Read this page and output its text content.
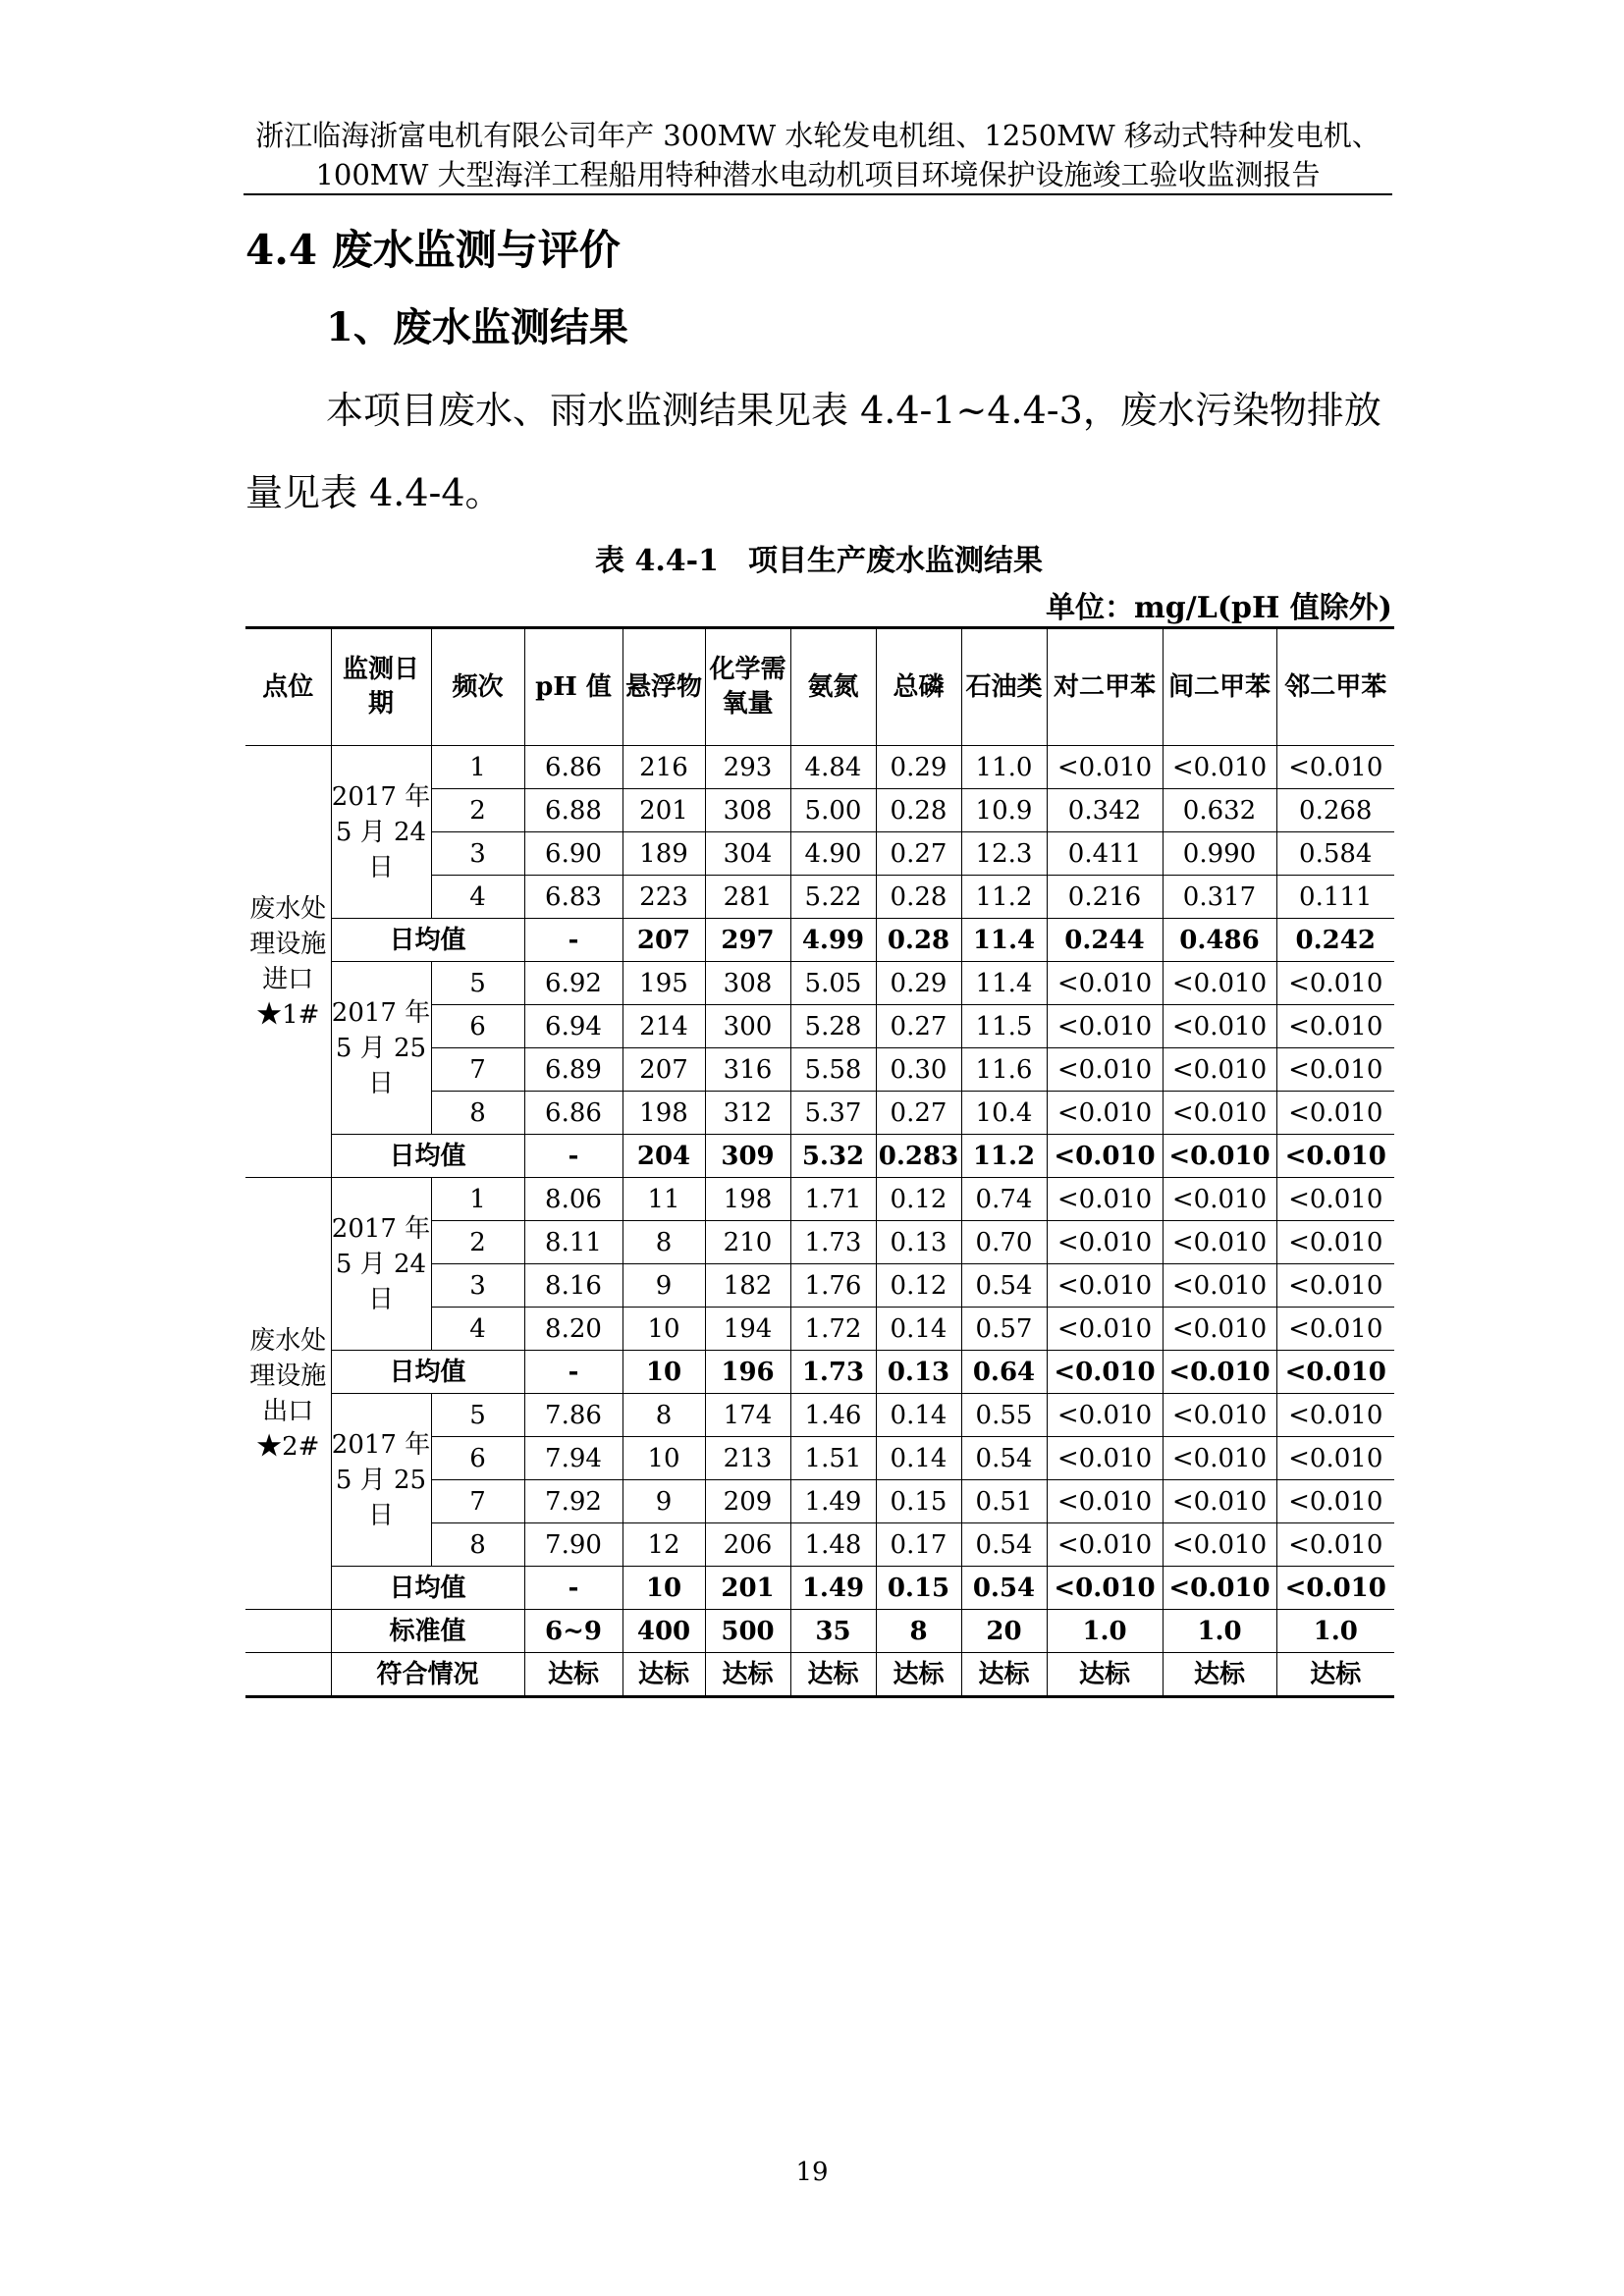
浙江临海浙富电机有限公司年产 300MW 水轮发电机组、1250MW 移动式特种发电机、
100MW 大型海洋工程船用特种潜水电动机项目环境保护设施竣工验收监测报告
4.4 废水监测与评价
1、废水监测结果
本项目废水、雨水监测结果见表 4.4-1~4.4-3，废水污染物排放量见表 4.4-4。
表 4.4-1　项目生产废水监测结果
单位：mg/L(pH 值除外)
点位	监测日期	频次	pH 值	悬浮物	化学需氧量	氨氮	总磷	石油类	对二甲苯	间二甲苯	邻二甲苯
废水处理设施进口★1#	2017 年 5 月 24 日	1	6.86	216	293	4.84	0.29	11.0	<0.010	<0.010	<0.010
		2	6.88	201	308	5.00	0.28	10.9	0.342	0.632	0.268
		3	6.90	189	304	4.90	0.27	12.3	0.411	0.990	0.584
		4	6.83	223	281	5.22	0.28	11.2	0.216	0.317	0.111
	日均值		-	207	297	4.99	0.28	11.4	0.244	0.486	0.242
	2017 年 5 月 25 日	5	6.92	195	308	5.05	0.29	11.4	<0.010	<0.010	<0.010
		6	6.94	214	300	5.28	0.27	11.5	<0.010	<0.010	<0.010
		7	6.89	207	316	5.58	0.30	11.6	<0.010	<0.010	<0.010
		8	6.86	198	312	5.37	0.27	10.4	<0.010	<0.010	<0.010
	日均值		-	204	309	5.32	0.283	11.2	<0.010	<0.010	<0.010
废水处理设施出口★2#	2017 年 5 月 24 日	1	8.06	11	198	1.71	0.12	0.74	<0.010	<0.010	<0.010
		2	8.11	8	210	1.73	0.13	0.70	<0.010	<0.010	<0.010
		3	8.16	9	182	1.76	0.12	0.54	<0.010	<0.010	<0.010
		4	8.20	10	194	1.72	0.14	0.57	<0.010	<0.010	<0.010
	日均值		-	10	196	1.73	0.13	0.64	<0.010	<0.010	<0.010
	2017 年 5 月 25 日	5	7.86	8	174	1.46	0.14	0.55	<0.010	<0.010	<0.010
		6	7.94	10	213	1.51	0.14	0.54	<0.010	<0.010	<0.010
		7	7.92	9	209	1.49	0.15	0.51	<0.010	<0.010	<0.010
		8	7.90	12	206	1.48	0.17	0.54	<0.010	<0.010	<0.010
	日均值		-	10	201	1.49	0.15	0.54	<0.010	<0.010	<0.010
	标准值		6~9	400	500	35	8	20	1.0	1.0	1.0
	符合情况		达标	达标	达标	达标	达标	达标	达标	达标	达标
19
